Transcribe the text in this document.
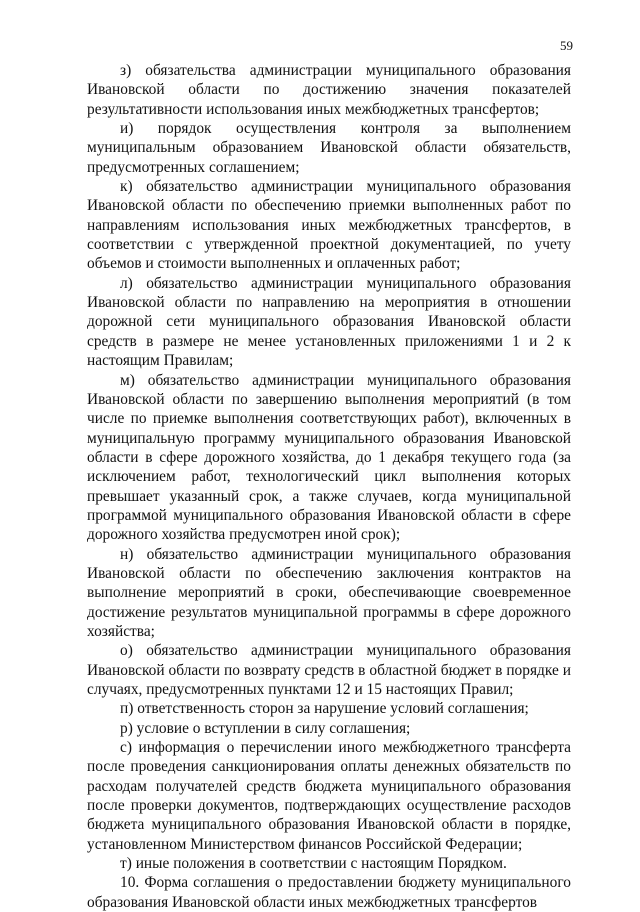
59

з) обязательства администрации муниципального образования Ивановской области по достижению значения показателей результативности использования иных межбюджетных трансфертов;

и) порядок осуществления контроля за выполнением муниципальным образованием Ивановской области обязательств, предусмотренных соглашением;

к) обязательство администрации муниципального образования Ивановской области по обеспечению приемки выполненных работ по направлениям использования иных межбюджетных трансфертов, в соответствии с утвержденной проектной документацией, по учету объемов и стоимости выполненных и оплаченных работ;

л) обязательство администрации муниципального образования Ивановской области по направлению на мероприятия в отношении дорожной сети муниципального образования Ивановской области средств в размере не менее установленных приложениями 1 и 2 к настоящим Правилам;

м) обязательство администрации муниципального образования Ивановской области по завершению выполнения мероприятий (в том числе по приемке выполнения соответствующих работ), включенных в муниципальную программу муниципального образования Ивановской области в сфере дорожного хозяйства, до 1 декабря текущего года (за исключением работ, технологический цикл выполнения которых превышает указанный срок, а также случаев, когда муниципальной программой муниципального образования Ивановской области в сфере дорожного хозяйства предусмотрен иной срок);

н) обязательство администрации муниципального образования Ивановской области по обеспечению заключения контрактов на выполнение мероприятий в сроки, обеспечивающие своевременное достижение результатов муниципальной программы в сфере дорожного хозяйства;

о) обязательство администрации муниципального образования Ивановской области по возврату средств в областной бюджет в порядке и случаях, предусмотренных пунктами 12 и 15 настоящих Правил;

п) ответственность сторон за нарушение условий соглашения;

р) условие о вступлении в силу соглашения;

с) информация о перечислении иного межбюджетного трансферта после проведения санкционирования оплаты денежных обязательств по расходам получателей средств бюджета муниципального образования после проверки документов, подтверждающих осуществление расходов бюджета муниципального образования Ивановской области в порядке, установленном Министерством финансов Российской Федерации;

т) иные положения в соответствии с настоящим Порядком.

10. Форма соглашения о предоставлении бюджету муниципального образования Ивановской области иных межбюджетных трансфертов
